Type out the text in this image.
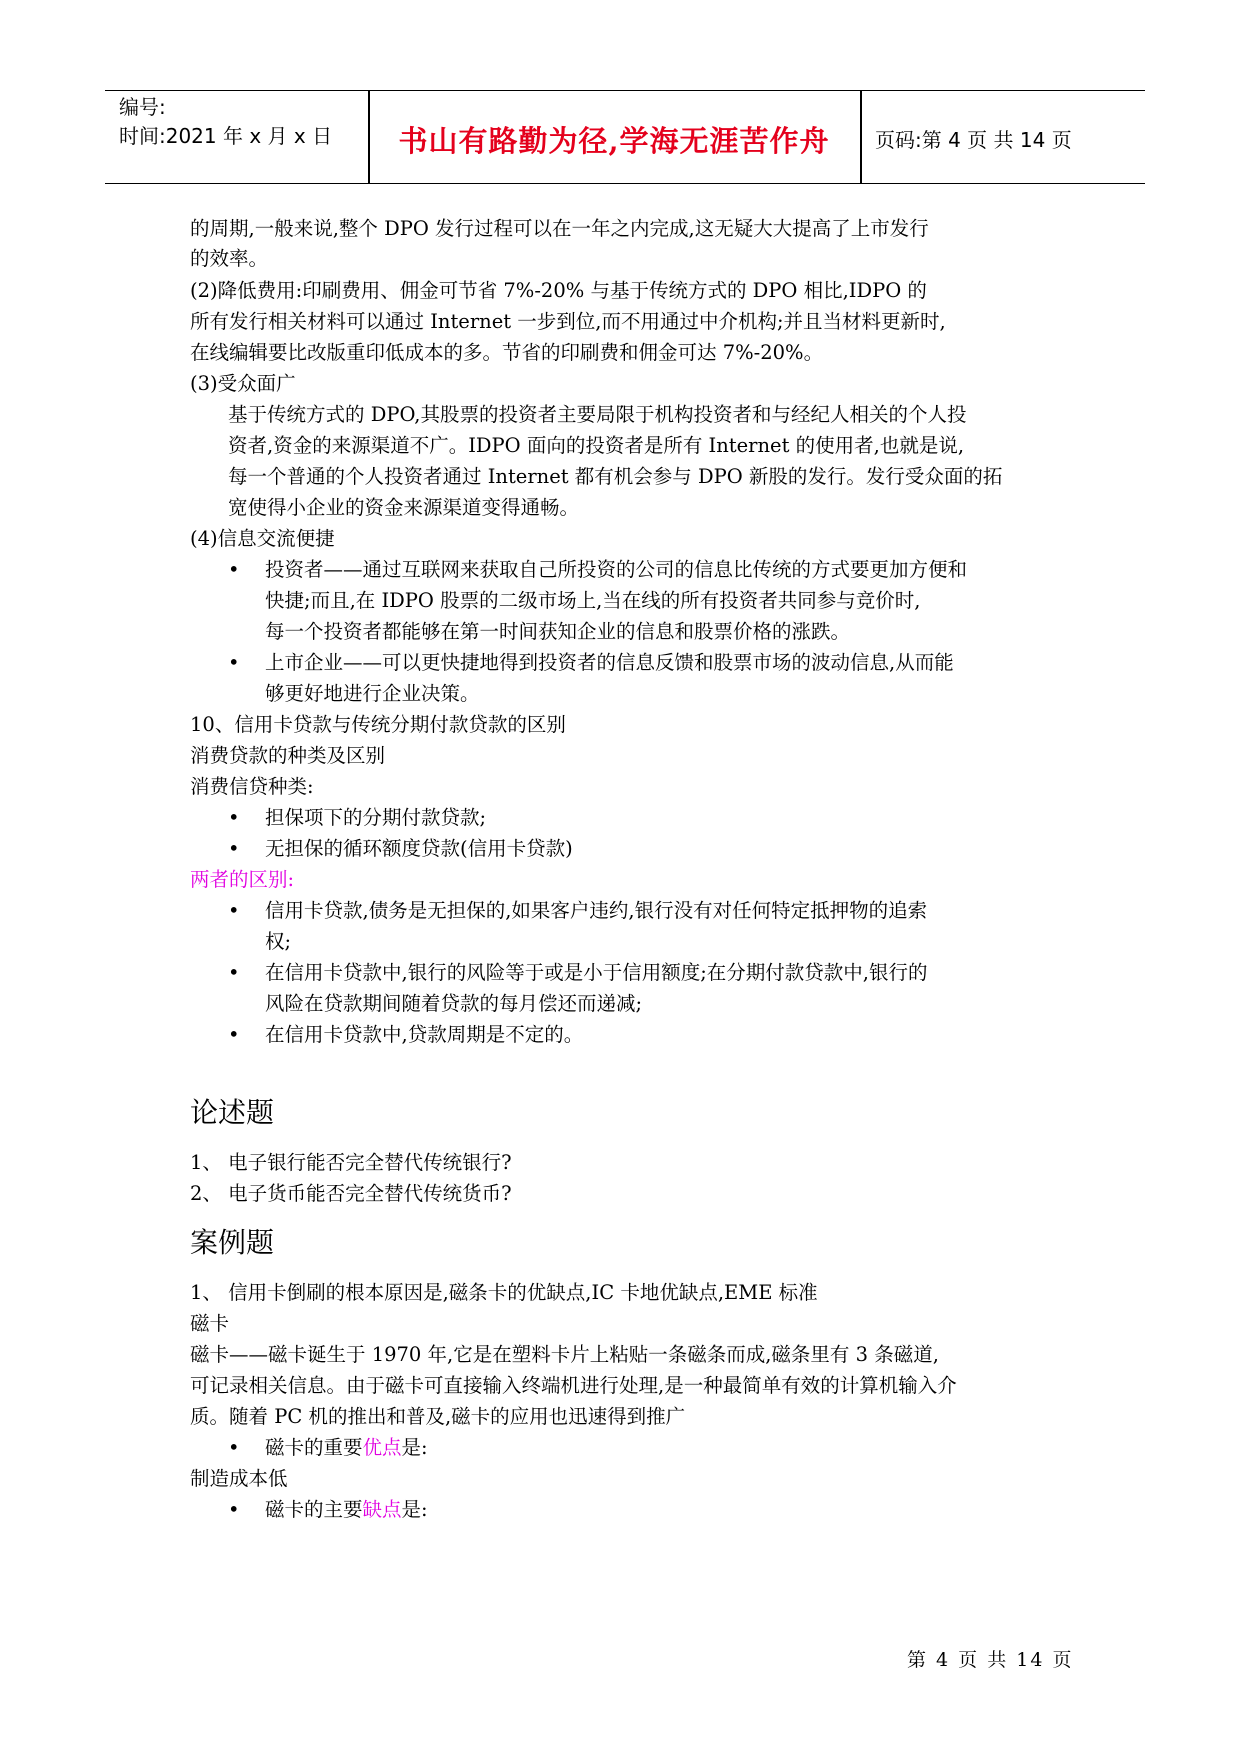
编号:
时间:2021 年 x 月 x 日	书山有路勤为径,学海无涯苦作舟	页码:第 4 页 共 14 页
的周期,一般来说,整个 DPO 发行过程可以在一年之内完成,这无疑大大提高了上市发行
的效率。
(2)降低费用:印刷费用、佣金可节省 7%-20% 与基于传统方式的 DPO 相比,IDPO 的
所有发行相关材料可以通过 Internet 一步到位,而不用通过中介机构;并且当材料更新时,
在线编辑要比改版重印低成本的多。节省的印刷费和佣金可达 7%-20%。
(3)受众面广
基于传统方式的 DPO,其股票的投资者主要局限于机构投资者和与经纪人相关的个人投
资者,资金的来源渠道不广。IDPO 面向的投资者是所有 Internet 的使用者,也就是说,
每一个普通的个人投资者通过 Internet 都有机会参与 DPO 新股的发行。发行受众面的拓
宽使得小企业的资金来源渠道变得通畅。
(4)信息交流便捷
• 投资者——通过互联网来获取自己所投资的公司的信息比传统的方式要更加方便和
快捷;而且,在 IDPO 股票的二级市场上,当在线的所有投资者共同参与竞价时,
每一个投资者都能够在第一时间获知企业的信息和股票价格的涨跌。
• 上市企业——可以更快捷地得到投资者的信息反馈和股票市场的波动信息,从而能
够更好地进行企业决策。
10、信用卡贷款与传统分期付款贷款的区别
消费贷款的种类及区别
消费信贷种类:
• 担保项下的分期付款贷款;
• 无担保的循环额度贷款(信用卡贷款)
两者的区别:
• 信用卡贷款,债务是无担保的,如果客户违约,银行没有对任何特定抵押物的追索
权;
• 在信用卡贷款中,银行的风险等于或是小于信用额度;在分期付款贷款中,银行的
风险在贷款期间随着贷款的每月偿还而递减;
• 在信用卡贷款中,贷款周期是不定的。
论述题
1、 电子银行能否完全替代传统银行?
2、 电子货币能否完全替代传统货币?
案例题
1、 信用卡倒刷的根本原因是,磁条卡的优缺点,IC 卡地优缺点,EME 标准
磁卡
磁卡——磁卡诞生于 1970 年,它是在塑料卡片上粘贴一条磁条而成,磁条里有 3 条磁道,
可记录相关信息。由于磁卡可直接输入终端机进行处理,是一种最简单有效的计算机输入介
质。随着 PC 机的推出和普及,磁卡的应用也迅速得到推广
• 磁卡的重要优点是:
制造成本低
• 磁卡的主要缺点是:
第 4 页 共 14 页
